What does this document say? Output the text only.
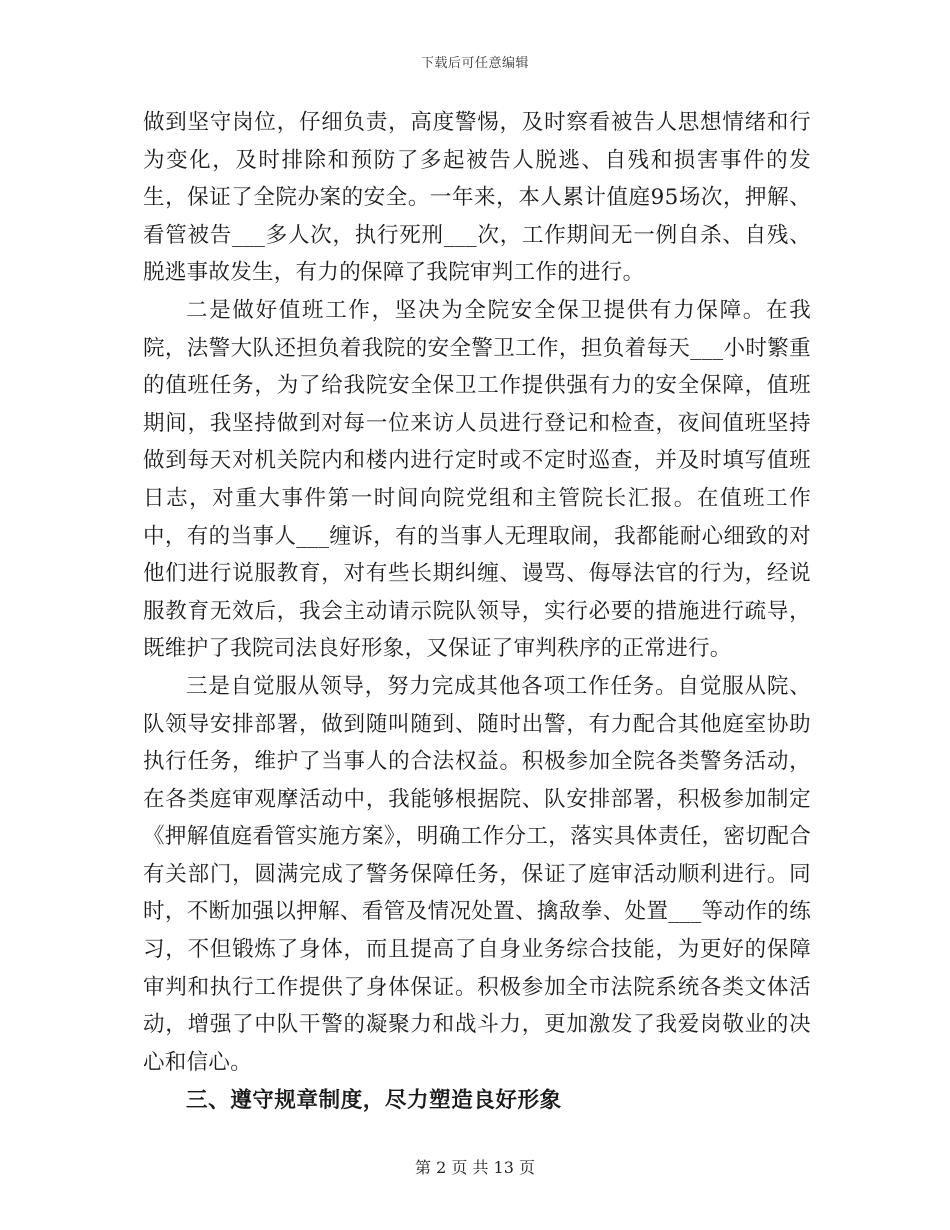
下载后可任意编辑

做到坚守岗位，仔细负责，高度警惕，及时察看被告人思想情绪和行为变化，及时排除和预防了多起被告人脱逃、自残和损害事件的发生，保证了全院办案的安全。一年来，本人累计值庭95场次，押解、看管被告___多人次，执行死刑___次，工作期间无一例自杀、自残、脱逃事故发生，有力的保障了我院审判工作的进行。

二是做好值班工作，坚决为全院安全保卫提供有力保障。在我院，法警大队还担负着我院的安全警卫工作，担负着每天___小时繁重的值班任务，为了给我院安全保卫工作提供强有力的安全保障，值班期间，我坚持做到对每一位来访人员进行登记和检查，夜间值班坚持做到每天对机关院内和楼内进行定时或不定时巡查，并及时填写值班日志，对重大事件第一时间向院党组和主管院长汇报。在值班工作中，有的当事人___缠诉，有的当事人无理取闹，我都能耐心细致的对他们进行说服教育，对有些长期纠缠、谩骂、侮辱法官的行为，经说服教育无效后，我会主动请示院队领导，实行必要的措施进行疏导，既维护了我院司法良好形象，又保证了审判秩序的正常进行。

三是自觉服从领导，努力完成其他各项工作任务。自觉服从院、队领导安排部署，做到随叫随到、随时出警，有力配合其他庭室协助执行任务，维护了当事人的合法权益。积极参加全院各类警务活动，在各类庭审观摩活动中，我能够根据院、队安排部署，积极参加制定《押解值庭看管实施方案》，明确工作分工，落实具体责任，密切配合有关部门，圆满完成了警务保障任务，保证了庭审活动顺利进行。同时，不断加强以押解、看管及情况处置、擒敌拳、处置___等动作的练习，不但锻炼了身体，而且提高了自身业务综合技能，为更好的保障审判和执行工作提供了身体保证。积极参加全市法院系统各类文体活动，增强了中队干警的凝聚力和战斗力，更加激发了我爱岗敬业的决心和信心。

三、遵守规章制度，尽力塑造良好形象

第 2 页 共 13 页
